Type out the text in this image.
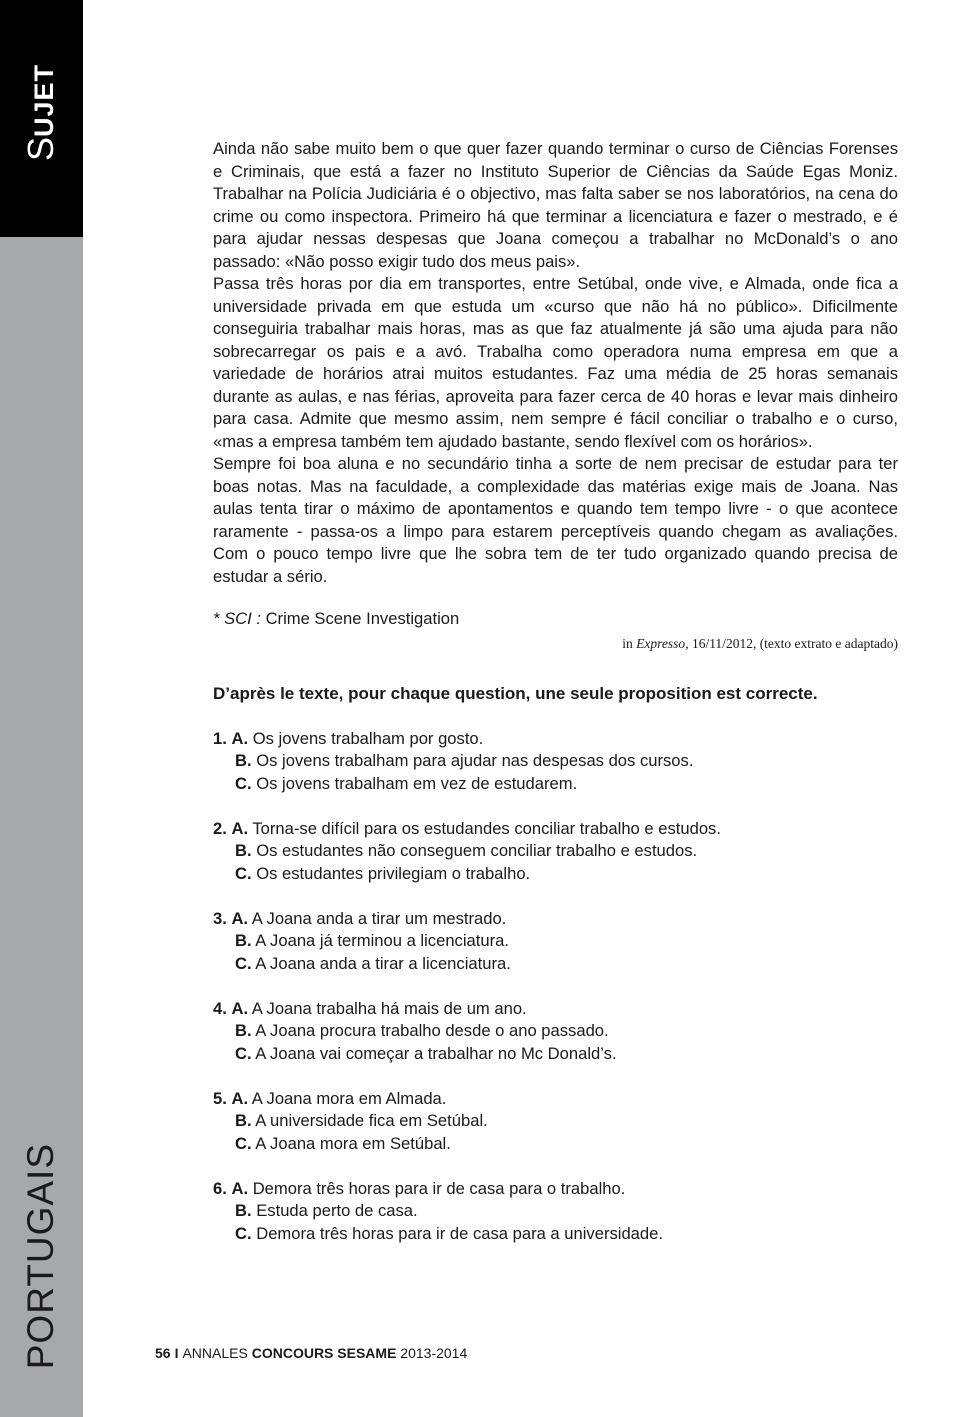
SUJET
PORTUGAIS

Ainda não sabe muito bem o que quer fazer quando terminar o curso de Ciências Forenses e Criminais, que está a fazer no Instituto Superior de Ciências da Saúde Egas Moniz. Trabalhar na Polícia Judiciária é o objectivo, mas falta saber se nos laboratórios, na cena do crime ou como inspectora. Primeiro há que terminar a licenciatura e fazer o mestrado, e é para ajudar nessas despesas que Joana começou a trabalhar no McDonald’s o ano passado: «Não posso exigir tudo dos meus pais».

Passa três horas por dia em transportes, entre Setúbal, onde vive, e Almada, onde fica a universidade privada em que estuda um «curso que não há no público». Dificilmente conseguiria trabalhar mais horas, mas as que faz atualmente já são uma ajuda para não sobrecarregar os pais e a avó. Trabalha como operadora numa empresa em que a variedade de horários atrai muitos estudantes. Faz uma média de 25 horas semanais durante as aulas, e nas férias, aproveita para fazer cerca de 40 horas e levar mais dinheiro para casa. Admite que mesmo assim, nem sempre é fácil conciliar o trabalho e o curso, «mas a empresa também tem ajudado bastante, sendo flexível com os horários».

Sempre foi boa aluna e no secundário tinha a sorte de nem precisar de estudar para ter boas notas. Mas na faculdade, a complexidade das matérias exige mais de Joana. Nas aulas tenta tirar o máximo de apontamentos e quando tem tempo livre - o que acontece raramente - passa-os a limpo para estarem perceptíveis quando chegam as avaliações. Com o pouco tempo livre que lhe sobra tem de ter tudo organizado quando precisa de estudar a sério.

* SCI : Crime Scene Investigation

in Expresso, 16/11/2012, (texto extrato e adaptado)

D’après le texte, pour chaque question, une seule proposition est correcte.

1. A. Os jovens trabalham por gosto.

B. Os jovens trabalham para ajudar nas despesas dos cursos.

C. Os jovens trabalham em vez de estudarem.

2. A. Torna-se difícil para os estudandes conciliar trabalho e estudos.

B. Os estudantes não conseguem conciliar trabalho e estudos.

C. Os estudantes privilegiam o trabalho.

3. A. A Joana anda a tirar um mestrado.

B. A Joana já terminou a licenciatura.

C. A Joana anda a tirar a licenciatura.

4. A. A Joana trabalha há mais de um ano.

B. A Joana procura trabalho desde o ano passado.

C. A Joana vai começar a trabalhar no Mc Donald’s.

5. A. A Joana mora em Almada.

B. A universidade fica em Setúbal.

C. A Joana mora em Setúbal.

6. A. Demora três horas para ir de casa para o trabalho.

B. Estuda perto de casa.

C. Demora três horas para ir de casa para a universidade.

56 I ANNALES CONCOURS SESAME 2013-2014
